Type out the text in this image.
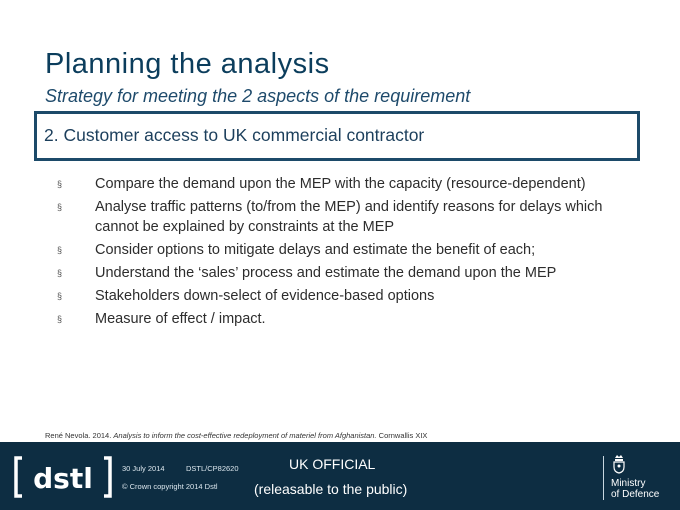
Planning the analysis
Strategy for meeting the 2 aspects of the requirement
2. Customer access to UK commercial contractor
§ Compare the demand upon the MEP with the capacity (resource-dependent)
§ Analyse traffic patterns (to/from the MEP) and identify reasons for delays which cannot be explained by constraints at the MEP
§ Consider options to mitigate delays and estimate the benefit of each;
§ Understand the ‘sales’ process and estimate the demand upon the MEP
§ Stakeholders down-select of evidence-based options
§ Measure of effect / impact.
René Nevola. 2014. Analysis to inform the cost-effective redeployment of materiel from Afghanistan. Cornwallis XIX
dstl	30 July 2014	DSTL/CP82620
© Crown copyright 2014 Dstl
UK OFFICIAL
(releasable to the public)	Ministry
of Defence
